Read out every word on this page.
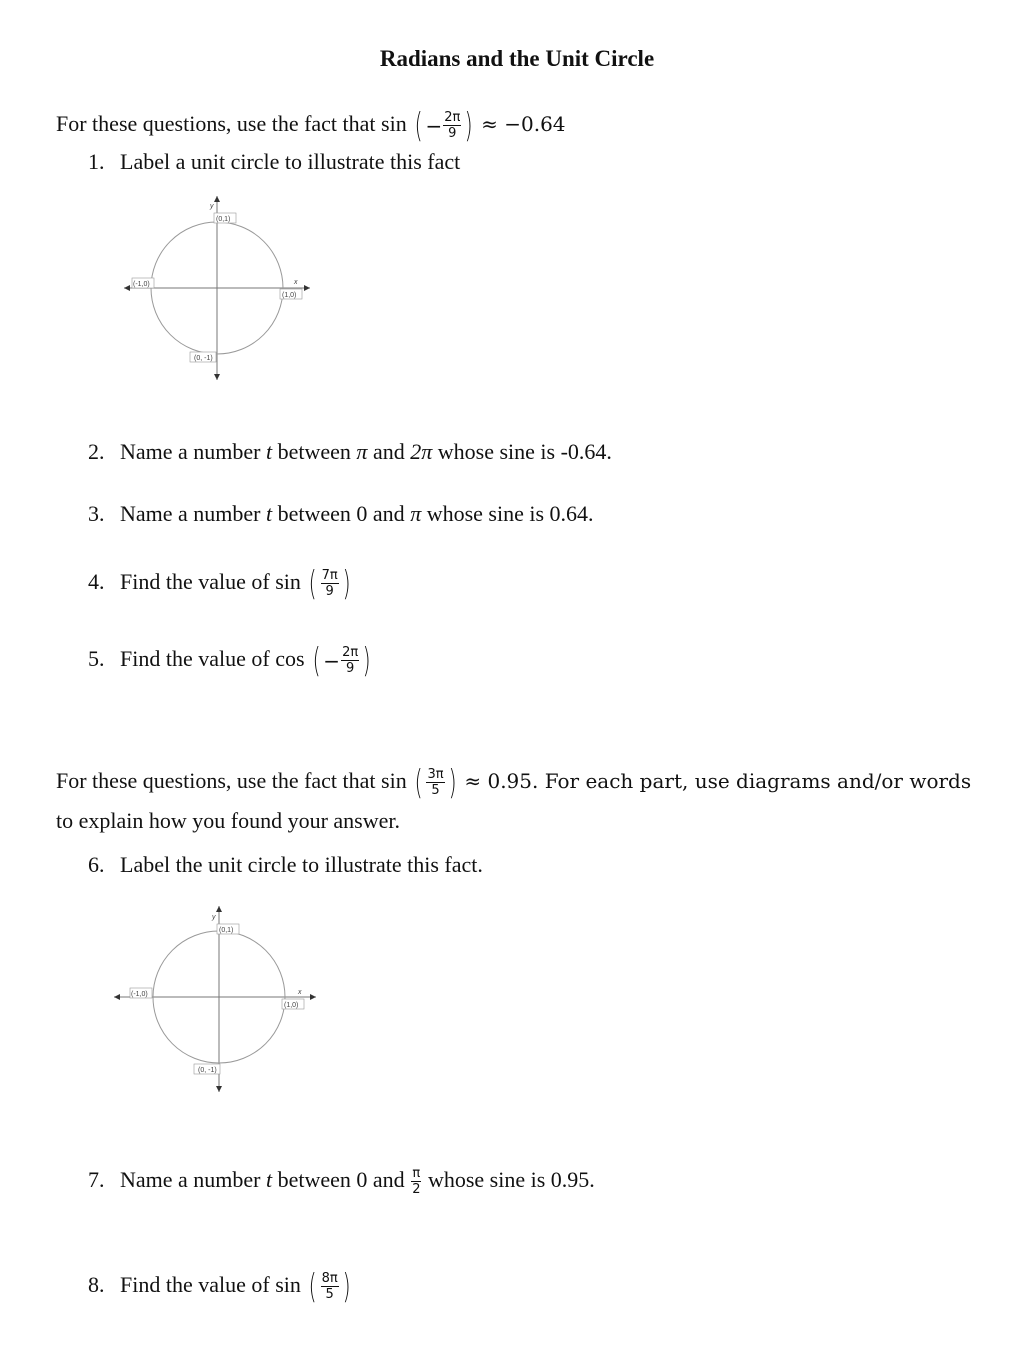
Radians and the Unit Circle
For these questions, use the fact that sin ( − $\frac{2\pi}{9}$ ) ≈ −0.64
1. Label a unit circle to illustrate this fact
(0,1)
y
(-1,0)
(1,0)
x
(0, -1)
2. Name a number t between π and 2π whose sine is -0.64.
3. Name a number t between 0 and π whose sine is 0.64.
4. Find the value of sin ( $\frac{7\pi}{9}$ )
5. Find the value of cos ( − $\frac{2\pi}{9}$ )
For these questions, use the fact that sin ( $\frac{3\pi}{5}$ ) ≈ 0.95. For each part, use diagrams and/or words
to explain how you found your answer.
6. Label the unit circle to illustrate this fact.
(0,1)
y
(-1,0)
(1,0)
x
(0, -1)
7. Name a number t between 0 and $\frac{\pi}{2}$ whose sine is 0.95.
8. Find the value of sin ( $\frac{8\pi}{5}$ )
